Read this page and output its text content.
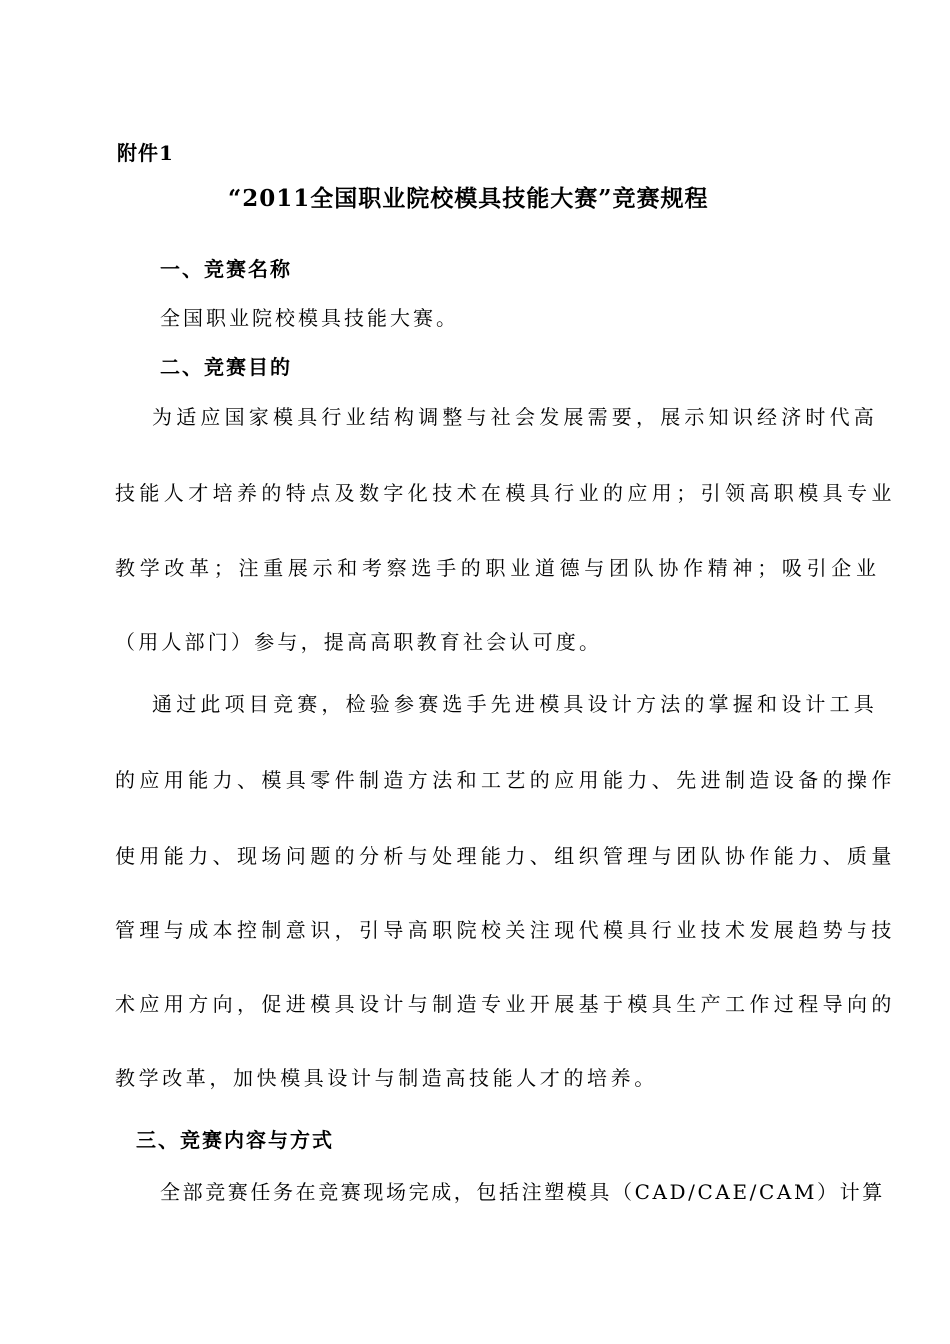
附件1
“2011全国职业院校模具技能大赛”竞赛规程
一、竞赛名称
全国职业院校模具技能大赛。
二、竞赛目的
为适应国家模具行业结构调整与社会发展需要，展示知识经济时代高
技能人才培养的特点及数字化技术在模具行业的应用；引领高职模具专业
教学改革；注重展示和考察选手的职业道德与团队协作精神；吸引企业
（用人部门）参与，提高高职教育社会认可度。
通过此项目竞赛，检验参赛选手先进模具设计方法的掌握和设计工具
的应用能力、模具零件制造方法和工艺的应用能力、先进制造设备的操作
使用能力、现场问题的分析与处理能力、组织管理与团队协作能力、质量
管理与成本控制意识，引导高职院校关注现代模具行业技术发展趋势与技
术应用方向，促进模具设计与制造专业开展基于模具生产工作过程导向的
教学改革，加快模具设计与制造高技能人才的培养。
三、竞赛内容与方式
全部竞赛任务在竞赛现场完成，包括注塑模具（CAD/CAE/CAM）计算
